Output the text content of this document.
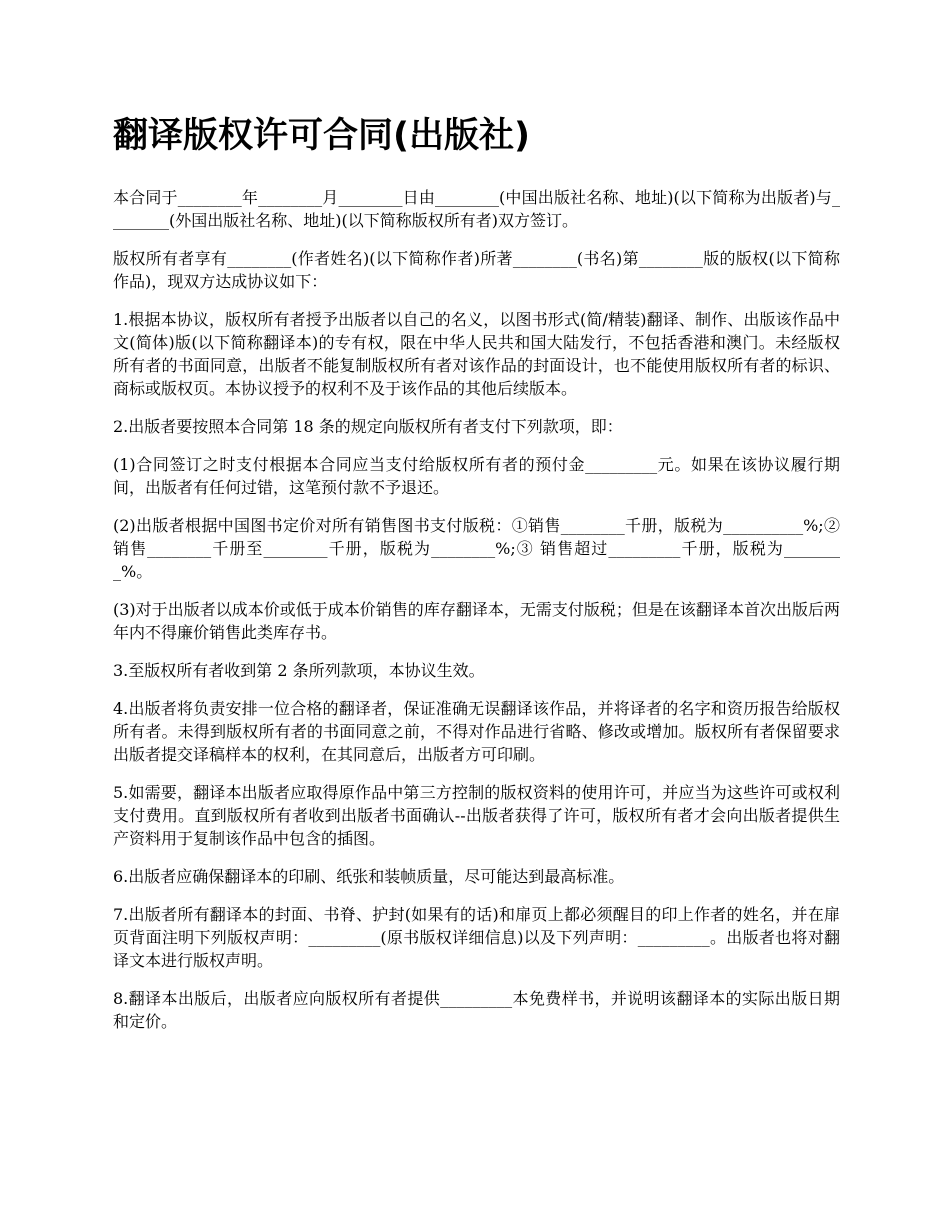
翻译版权许可合同(出版社)

本合同于________年________月________日由________(中国出版社名称、地址)(以下简称为出版者)与________(外国出版社名称、地址)(以下简称版权所有者)双方签订。

版权所有者享有________(作者姓名)(以下简称作者)所著________(书名)第________版的版权(以下简称作品)，现双方达成协议如下：

1.根据本协议，版权所有者授予出版者以自己的名义，以图书形式(简/精装)翻译、制作、出版该作品中文(简体)版(以下简称翻译本)的专有权，限在中华人民共和国大陆发行，不包括香港和澳门。未经版权所有者的书面同意，出版者不能复制版权所有者对该作品的封面设计，也不能使用版权所有者的标识、商标或版权页。本协议授予的权利不及于该作品的其他后续版本。

2.出版者要按照本合同第 18 条的规定向版权所有者支付下列款项，即：

(1)合同签订之时支付根据本合同应当支付给版权所有者的预付金_________元。如果在该协议履行期间，出版者有任何过错，这笔预付款不予退还。

(2)出版者根据中国图书定价对所有销售图书支付版税：①销售________千册，版税为__________%;② 销售________千册至________千册，版税为________%;③ 销售超过_________千册，版税为________%。

(3)对于出版者以成本价或低于成本价销售的库存翻译本，无需支付版税；但是在该翻译本首次出版后两年内不得廉价销售此类库存书。

3.至版权所有者收到第 2 条所列款项，本协议生效。

4.出版者将负责安排一位合格的翻译者，保证准确无误翻译该作品，并将译者的名字和资历报告给版权所有者。未得到版权所有者的书面同意之前，不得对作品进行省略、修改或增加。版权所有者保留要求出版者提交译稿样本的权利，在其同意后，出版者方可印刷。

5.如需要，翻译本出版者应取得原作品中第三方控制的版权资料的使用许可，并应当为这些许可或权利支付费用。直到版权所有者收到出版者书面确认--出版者获得了许可，版权所有者才会向出版者提供生产资料用于复制该作品中包含的插图。

6.出版者应确保翻译本的印刷、纸张和装帧质量，尽可能达到最高标准。

7.出版者所有翻译本的封面、书脊、护封(如果有的话)和扉页上都必须醒目的印上作者的姓名，并在扉页背面注明下列版权声明：_________(原书版权详细信息)以及下列声明：_________。出版者也将对翻译文本进行版权声明。

8.翻译本出版后，出版者应向版权所有者提供_________本免费样书，并说明该翻译本的实际出版日期和定价。
